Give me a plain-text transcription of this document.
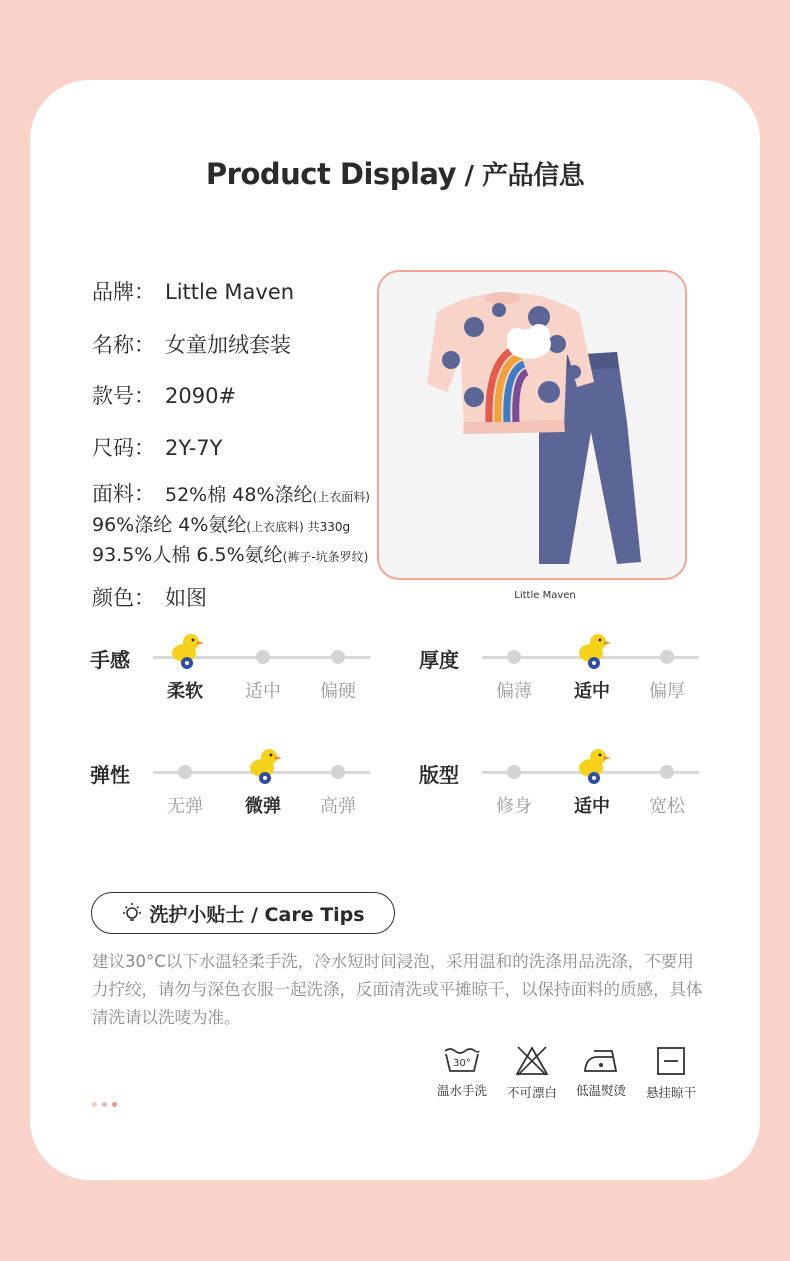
Product Display / 产品信息
品牌： Little Maven
名称： 女童加绒套装
款号： 2090#
尺码： 2Y-7Y
面料： 52%棉 48%涤纶(上衣面料)
96%涤纶 4%氨纶(上衣底料) 共330g
93.5%人棉 6.5%氨纶(裤子-坑条罗纹)
颜色： 如图	Little Maven
手感
柔软	适中	偏硬
厚度
偏薄	适中	偏厚
弹性
无弹	微弹	高弹
版型
修身	适中	宽松
洗护小贴士 / Care Tips
建议30°C以下水温轻柔手洗，冷水短时间浸泡，采用温和的洗涤用品洗涤，不要用力拧绞，请勿与深色衣服一起洗涤，反面清洗或平摊晾干，以保持面料的质感，具体清洗请以洗唛为准。
30°
温水手洗	不可漂白	低温熨烫	悬挂晾干
